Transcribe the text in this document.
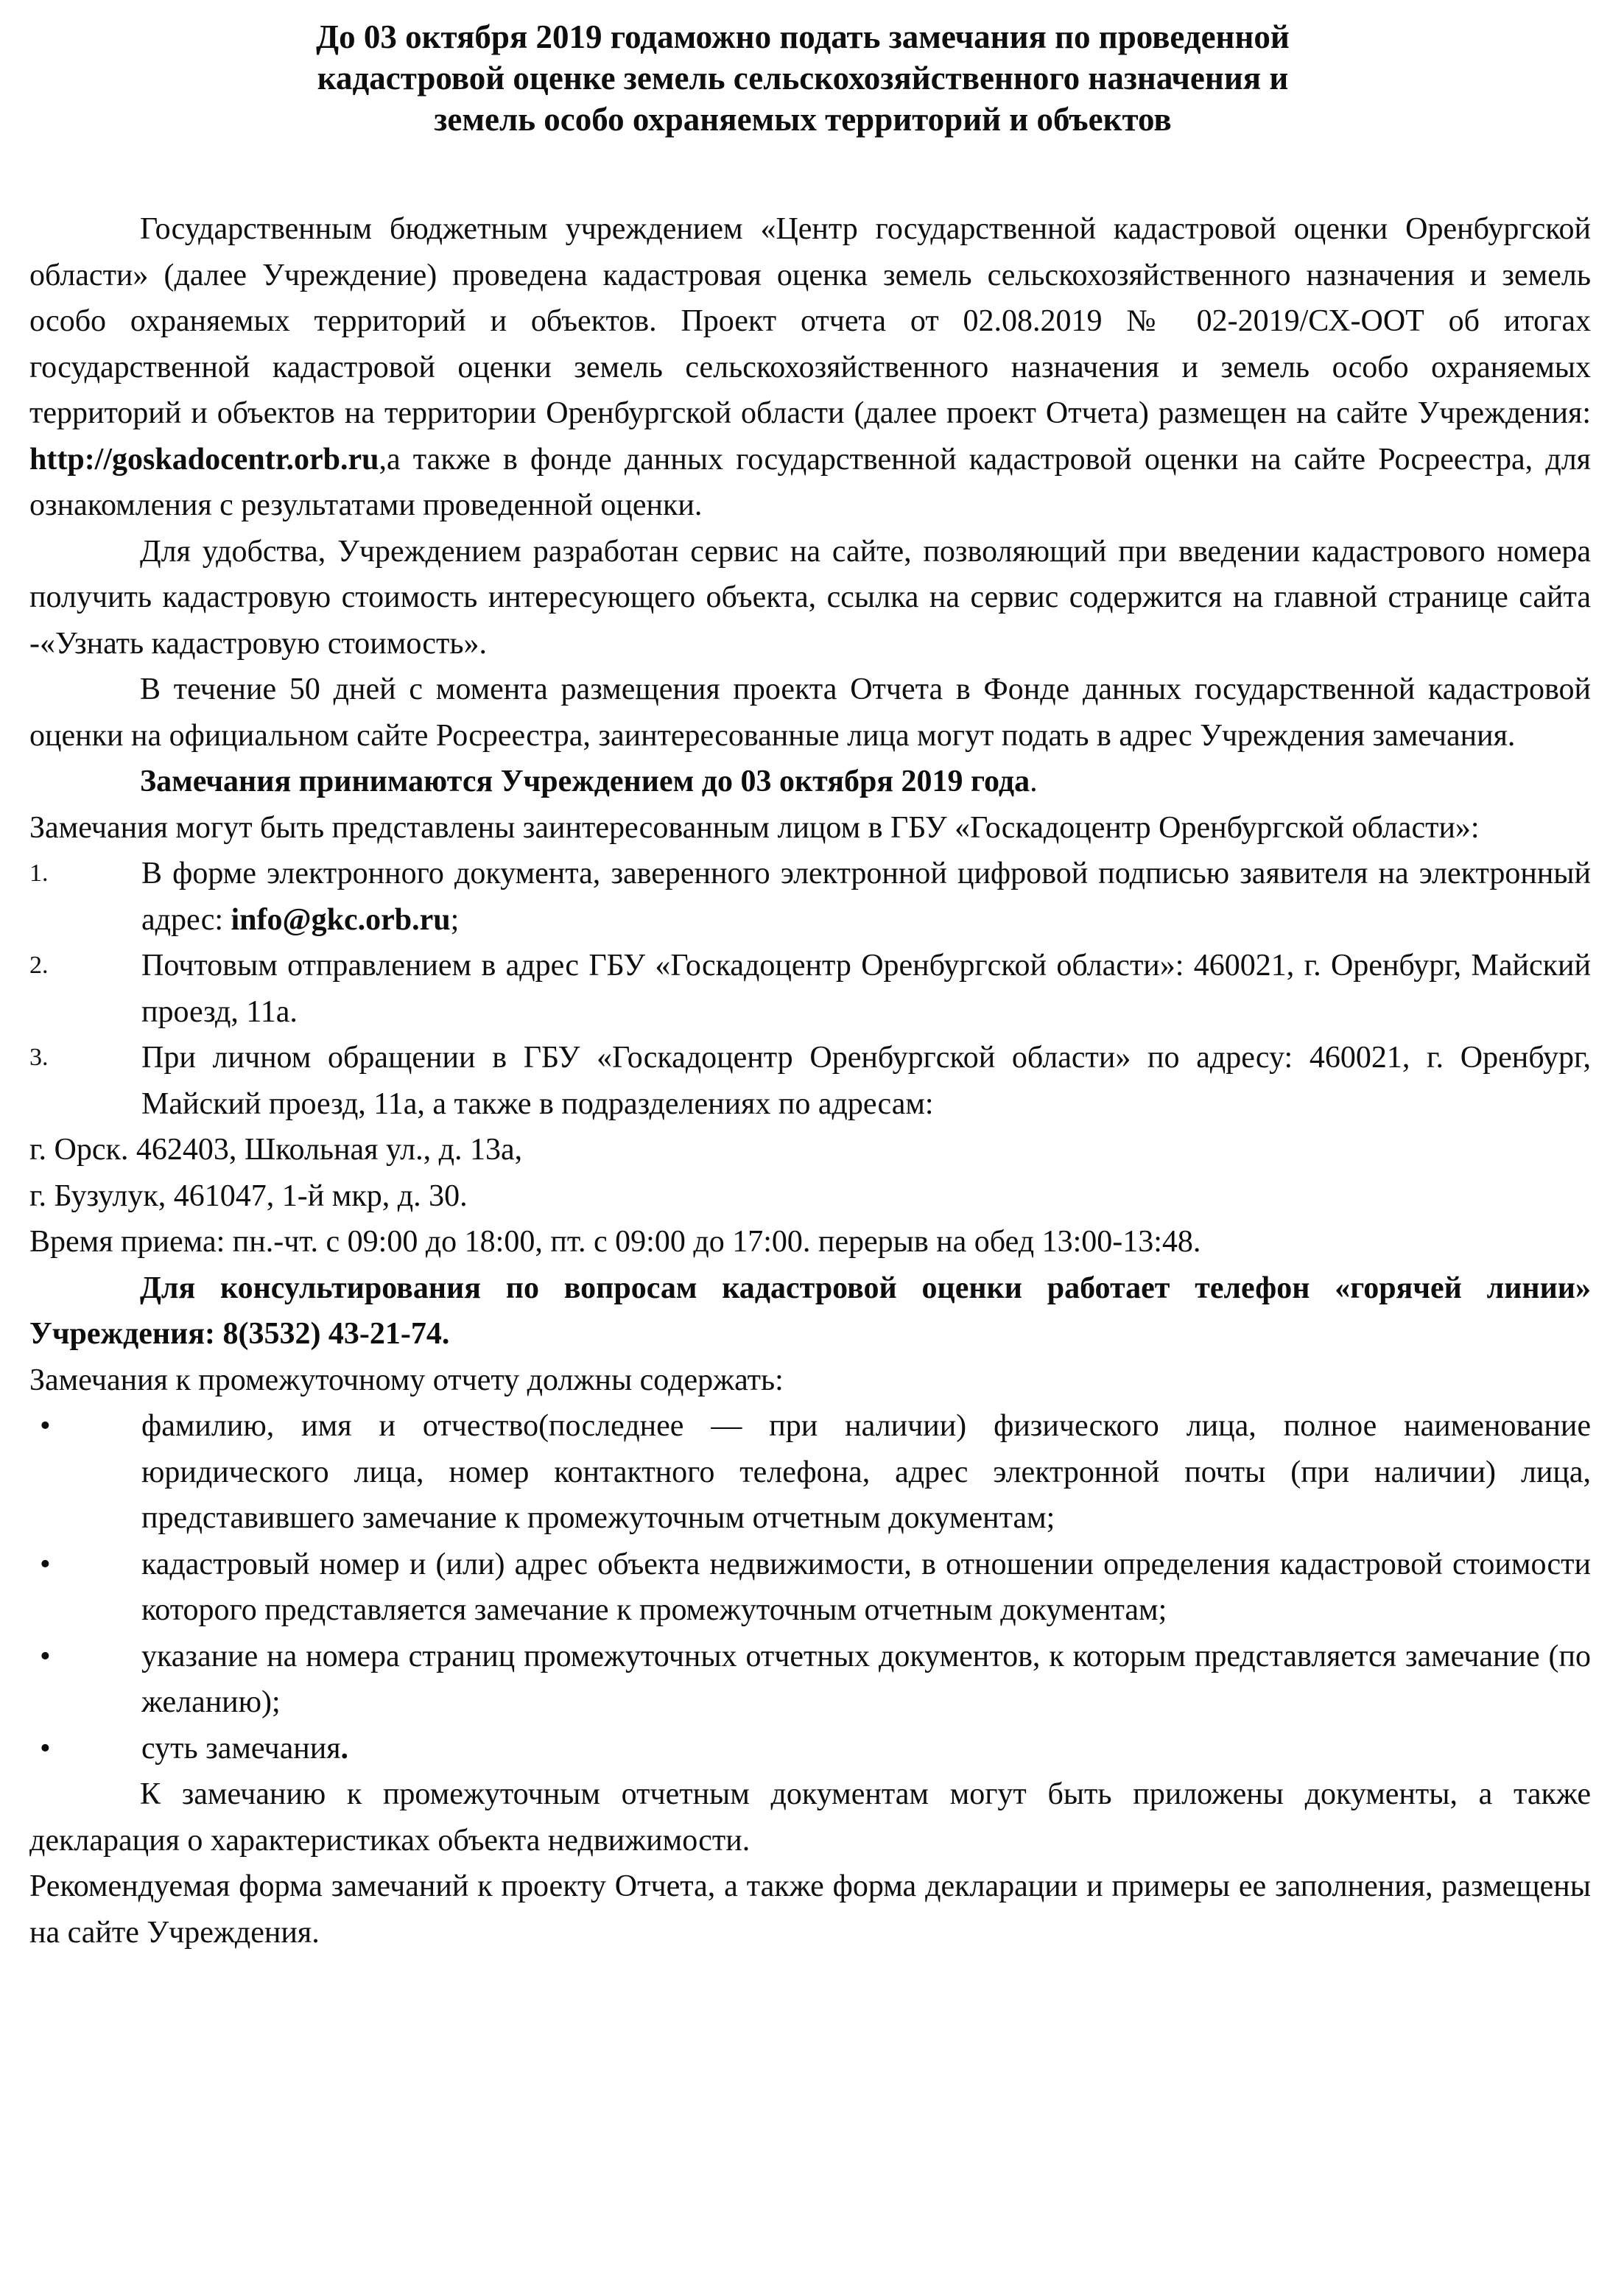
До 03 октября 2019 годаможно подать замечания по проведенной
кадастровой оценке земель сельскохозяйственного назначения и
земель особо охраняемых территорий и объектов

Государственным бюджетным учреждением «Центр государственной кадастровой оценки Оренбургской области» (далее Учреждение) проведена кадастровая оценка земель сельскохозяйственного назначения и земель особо охраняемых территорий и объектов. Проект отчета от 02.08.2019 № 02-2019/СХ-ООТ об итогах государственной кадастровой оценки земель сельскохозяйственного назначения и земель особо охраняемых территорий и объектов на территории Оренбургской области (далее проект Отчета) размещен на сайте Учреждения: http://goskadocentr.orb.ru,а также в фонде данных государственной кадастровой оценки на сайте Росреестра, для ознакомления с результатами проведенной оценки.

Для удобства, Учреждением разработан сервис на сайте, позволяющий при введении кадастрового номера получить кадастровую стоимость интересующего объекта, ссылка на сервис содержится на главной странице сайта -«Узнать кадастровую стоимость».

В течение 50 дней с момента размещения проекта Отчета в Фонде данных государственной кадастровой оценки на официальном сайте Росреестра, заинтересованные лица могут подать в адрес Учреждения замечания.

Замечания принимаются Учреждением до 03 октября 2019 года.

Замечания могут быть представлены заинтересованным лицом в ГБУ «Госкадоцентр Оренбургской области»:

1.	В форме электронного документа, заверенного электронной цифровой подписью заявителя на электронный адрес: info@gkc.orb.ru;
2.	Почтовым отправлением в адрес ГБУ «Госкадоцентр Оренбургской области»: 460021, г. Оренбург, Майский проезд, 11а.
3.	При личном обращении в ГБУ «Госкадоцентр Оренбургской области» по адресу: 460021, г. Оренбург, Майский проезд, 11а, а также в подразделениях по адресам:

г. Орск. 462403, Школьная ул., д. 13а,

г. Бузулук, 461047, 1-й мкр, д. 30.

Время приема: пн.-чт. с 09:00 до 18:00, пт. с 09:00 до 17:00. перерыв на обед 13:00-13:48.

Для консультирования по вопросам кадастровой оценки работает телефон «горячей линии» Учреждения: 8(3532) 43-21-74.

Замечания к промежуточному отчету должны содержать:

•	фамилию, имя и отчество(последнее — при наличии) физического лица, полное наименование юридического лица, номер контактного телефона, адрес электронной почты (при наличии) лица, представившего замечание к промежуточным отчетным документам;
•	кадастровый номер и (или) адрес объекта недвижимости, в отношении определения кадастровой стоимости которого представляется замечание к промежуточным отчетным документам;
•	указание на номера страниц промежуточных отчетных документов, к которым представляется замечание (по желанию);
•	суть замечания.

К замечанию к промежуточным отчетным документам могут быть приложены документы, а также декларация о характеристиках объекта недвижимости.

Рекомендуемая форма замечаний к проекту Отчета, а также форма декларации и примеры ее заполнения, размещены на сайте Учреждения.
